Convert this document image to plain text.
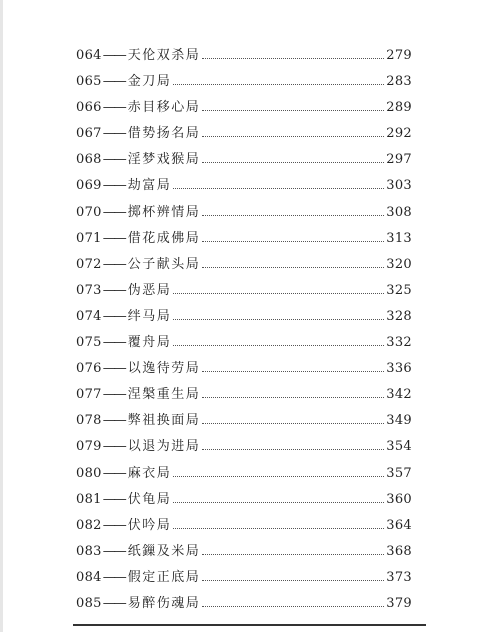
064 —— 天伦双杀局	279
065 —— 金刀局	283
066 —— 赤目移心局	289
067 —— 借势扬名局	292
068 —— 淫梦戏猴局	297
069 —— 劫富局	303
070 —— 掷杯辨情局	308
071 —— 借花成佛局	313
072 —— 公子献头局	320
073 —— 伪恶局	325
074 —— 绊马局	328
075 —— 覆舟局	332
076 —— 以逸待劳局	336
077 —— 涅槃重生局	342
078 —— 弊祖换面局	349
079 —— 以退为进局	354
080 —— 麻衣局	357
081 —— 伏龟局	360
082 —— 伏吟局	364
083 —— 纸鏁及米局	368
084 —— 假定正底局	373
085 —— 易醉伤魂局	379
